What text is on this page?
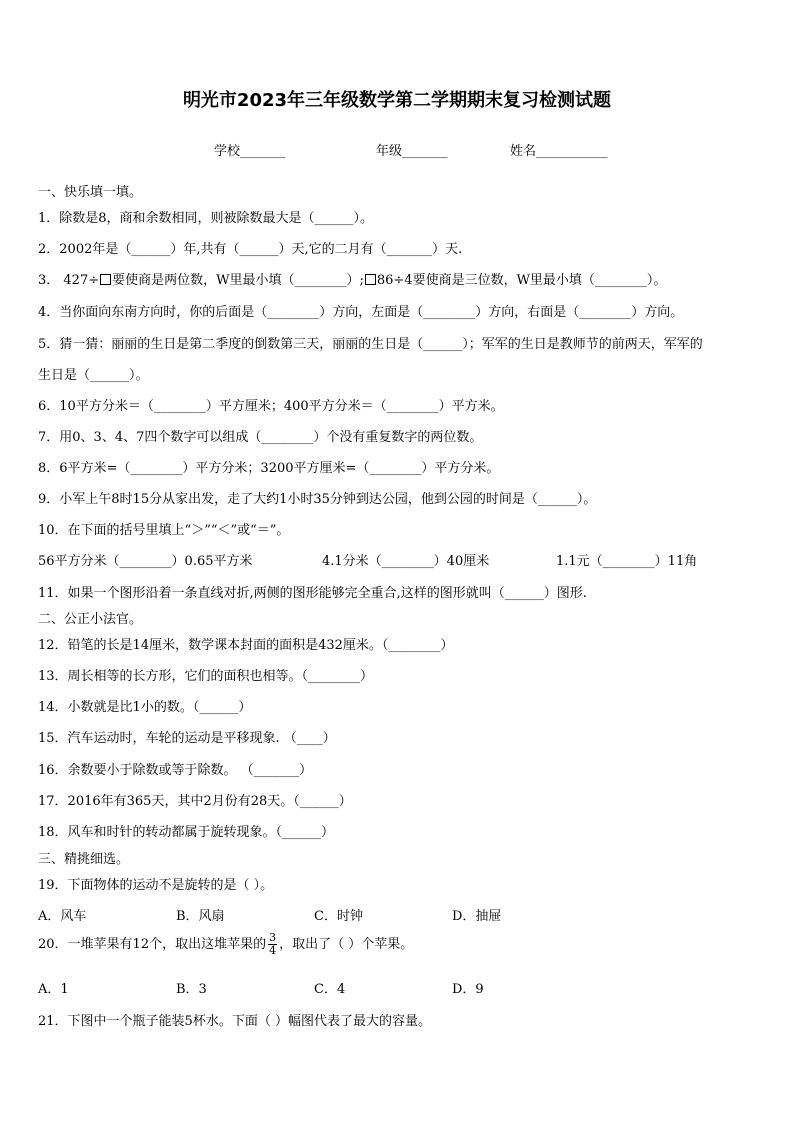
明光市2023年三年级数学第二学期期末复习检测试题
学校_______	年级_______	姓名___________
一、快乐填一填。
1．除数是8，商和余数相同，则被除数最大是（______）。
2．2002年是（______）年,共有（______）天,它的二月有（_______）天.
3． 427÷ 要使商是两位数，W里最小填（________）; 86÷4要使商是三位数，W里最小填（________）。
4．当你面向东南方向时，你的后面是（________）方向，左面是（________）方向，右面是（________）方向。
5．猜一猜：丽丽的生日是第二季度的倒数第三天，丽丽的生日是（______）；军军的生日是教师节的前两天，军军的
生日是（______）。
6．10平方分米＝（________）平方厘米；400平方分米＝（________）平方米。
7．用0、3、4、7四个数字可以组成（________）个没有重复数字的两位数。
8．6平方米=（________）平方分米；3200平方厘米=（________）平方分米。
9．小军上午8时15分从家出发，走了大约1小时35分钟到达公园，他到公园的时间是（______）。
10．在下面的括号里填上“＞”“＜”或“＝”。
56平方分米（________）0.65平方米	4.1分米（________）40厘米	1.1元（________）11角
11．如果一个图形沿着一条直线对折,两侧的图形能够完全重合,这样的图形就叫（______）图形.
二、公正小法官。
12．铅笔的长是14厘米，数学课本封面的面积是432厘米。（________）
13．周长相等的长方形，它们的面积也相等。（________）
14．小数就是比1小的数。（______）
15．汽车运动时，车轮的运动是平移现象. （____）
16．余数要小于除数或等于除数。 （_______）
17．2016年有365天，其中2月份有28天。（______）
18．风车和时针的转动都属于旋转现象。（______）
三、精挑细选。
19．下面物体的运动不是旋转的是（ ）。
A．风车	B．风扇	C．时钟	D．抽屉
20．一堆苹果有12个，取出这堆苹果的 $\frac{3}{4}$ ，取出了（ ）个苹果。
A．1	B．3	C．4	D．9
21．下图中一个瓶子能装5杯水。下面（ ）幅图代表了最大的容量。
